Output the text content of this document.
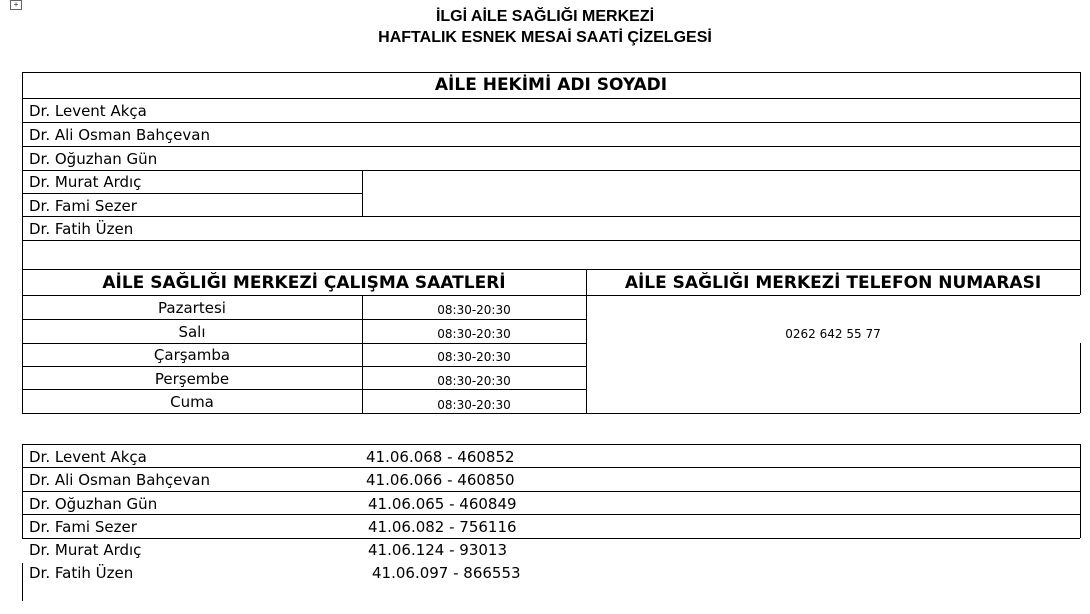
+
İLGİ AİLE SAĞLIĞI MERKEZİ
HAFTALIK ESNEK MESAİ SAATİ ÇİZELGESİ
AİLE HEKİMİ ADI SOYADI
Dr. Levent Akça
Dr. Ali Osman Bahçevan
Dr. Oğuzhan Gün
Dr. Murat Ardıç
Dr. Fami Sezer
Dr. Fatih Üzen
AİLE SAĞLIĞI MERKEZİ ÇALIŞMA SAATLERİ	AİLE SAĞLIĞI MERKEZİ TELEFON NUMARASI
Pazartesi	08:30-20:30
Salı	08:30-20:30
Çarşamba	08:30-20:30
Perşembe	08:30-20:30
Cuma	08:30-20:30
0262 642 55 77
Dr. Levent Akça	41.06.068 - 460852
Dr. Ali Osman Bahçevan	41.06.066 - 460850
Dr. Oğuzhan Gün	41.06.065 - 460849
Dr. Fami Sezer	41.06.082 - 756116
Dr. Murat Ardıç	41.06.124 - 93013
Dr. Fatih Üzen	41.06.097 - 866553
